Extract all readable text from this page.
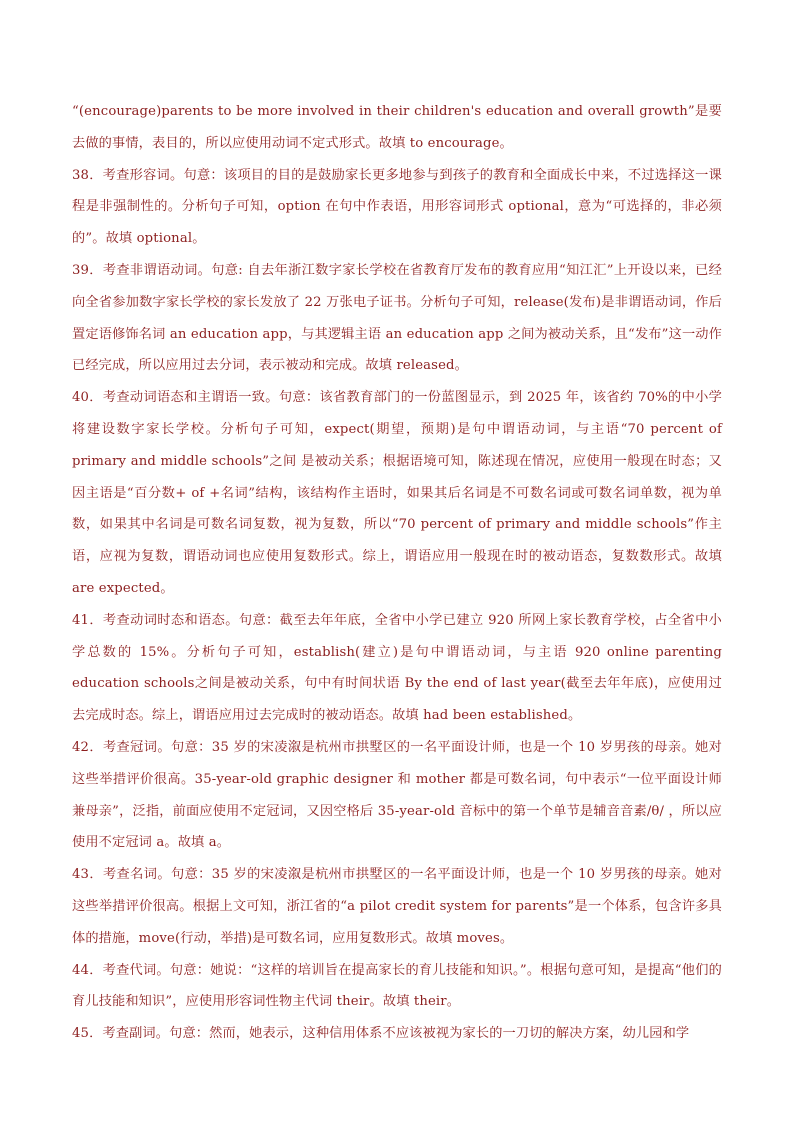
“(encourage)parents to be more involved in their children's education and overall growth”是要去做的事情，表目的，所以应使用动词不定式形式。故填 to encourage。

38．考查形容词。句意：该项目的目的是鼓励家长更多地参与到孩子的教育和全面成长中来，不过选择这一课程是非强制性的。分析句子可知，option 在句中作表语，用形容词形式 optional，意为“可选择的，非必须的”。故填 optional。

39．考查非谓语动词。句意: 自去年浙江数字家长学校在省教育厅发布的教育应用“知江汇”上开设以来，已经向全省参加数字家长学校的家长发放了 22 万张电子证书。分析句子可知，release(发布)是非谓语动词，作后置定语修饰名词 an education app，与其逻辑主语 an education app 之间为被动关系，且“发布”这一动作已经完成，所以应用过去分词，表示被动和完成。故填 released。

40．考查动词语态和主谓语一致。句意：该省教育部门的一份蓝图显示，到 2025 年，该省约 70%的中小学将建设数字家长学校。分析句子可知，expect(期望，预期)是句中谓语动词，与主语“70 percent of primary and middle schools”之间 是被动关系；根据语境可知，陈述现在情况，应使用一般现在时态；又因主语是“百分数+ of +名词”结构，该结构作主语时，如果其后名词是不可数名词或可数名词单数，视为单数，如果其中名词是可数名词复数，视为复数，所以“70 percent of primary and middle schools”作主语，应视为复数，谓语动词也应使用复数形式。综上，谓语应用一般现在时的被动语态，复数数形式。故填 are expected。

41．考查动词时态和语态。句意：截至去年年底，全省中小学已建立 920 所网上家长教育学校，占全省中小学总数的 15%。分析句子可知，establish(建立)是句中谓语动词，与主语 920 online parenting education schools之间是被动关系，句中有时间状语 By the end of last year(截至去年年底)，应使用过去完成时态。综上，谓语应用过去完成时的被动语态。故填 had been established。

42．考查冠词。句意：35 岁的宋凌溆是杭州市拱墅区的一名平面设计师，也是一个 10 岁男孩的母亲。她对这些举措评价很高。35-year-old graphic designer 和 mother 都是可数名词，句中表示“一位平面设计师兼母亲”，泛指，前面应使用不定冠词，又因空格后 35-year-old 音标中的第一个单节是辅音音素/θ/ ，所以应使用不定冠词 a。故填 a。

43．考查名词。句意：35 岁的宋凌溆是杭州市拱墅区的一名平面设计师，也是一个 10 岁男孩的母亲。她对这些举措评价很高。根据上文可知，浙江省的“a pilot credit system for parents”是一个体系，包含许多具体的措施，move(行动，举措)是可数名词，应用复数形式。故填 moves。

44．考查代词。句意：她说：“这样的培训旨在提高家长的育儿技能和知识。”。根据句意可知，是提高“他们的育儿技能和知识”，应使用形容词性物主代词 their。故填 their。

45．考查副词。句意：然而，她表示，这种信用体系不应该被视为家长的一刀切的解决方案，幼儿园和学
